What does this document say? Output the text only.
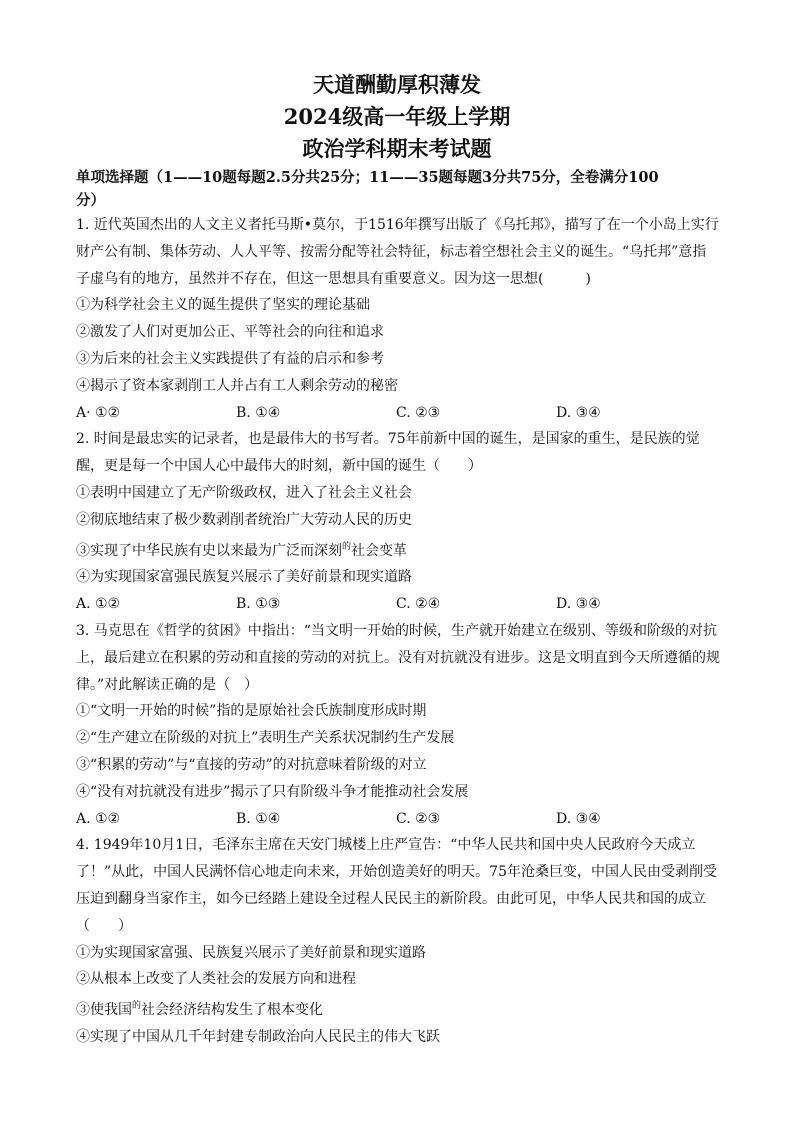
天道酬勤厚积薄发
2024级高一年级上学期
政治学科期末考试题
单项选择题（1——10题每题2.5分共25分；11——35题每题3分共75分，全卷满分100
分）

1. 近代英国杰出的人文主义者托马斯•莫尔，于1516年撰写出版了《乌托邦》，描写了在一个小岛上实行

财产公有制、集体劳动、人人平等、按需分配等社会特征，标志着空想社会主义的诞生。“乌托邦”意指

子虚乌有的地方，虽然并不存在，但这一思想具有重要意义。因为这一思想(　　　)

①为科学社会主义的诞生提供了坚实的理论基础

②激发了人们对更加公正、平等社会的向往和追求

③为后来的社会主义实践提供了有益的启示和参考

④揭示了资本家剥削工人并占有工人剩余劳动的秘密

A· ①②	B. ①④	C. ②③	D. ③④

2. 时间是最忠实的记录者，也是最伟大的书写者。75年前新中国的诞生，是国家的重生，是民族的觉

醒，更是每一个中国人心中最伟大的时刻，新中国的诞生（　　）

①表明中国建立了无产阶级政权，进入了社会主义社会

②彻底地结束了极少数剥削者统治广大劳动人民的历史

③实现了中华民族有史以来最为广泛而深刻$^的$社会变革

④为实现国家富强民族复兴展示了美好前景和现实道路

A. ①②	B. ①③	C. ②④	D. ③④

3. 马克思在《哲学的贫困》中指出：“当文明一开始的时候，生产就开始建立在级别、等级和阶级的对抗

上，最后建立在积累的劳动和直接的劳动的对抗上。没有对抗就没有进步。这是文明直到今天所遵循的规

律。”对此解读正确的是（　）

①“文明一开始的时候”指的是原始社会氏族制度形成时期

②“生产建立在阶级的对抗上”表明生产关系状况制约生产发展

③“积累的劳动”与“直接的劳动”的对抗意味着阶级的对立

④“没有对抗就没有进步”揭示了只有阶级斗争才能推动社会发展

A. ①②	B. ①④	C. ②③	D. ③④

4. 1949年10月1日，毛泽东主席在天安门城楼上庄严宣告：“中华人民共和国中央人民政府今天成立

了！”从此，中国人民满怀信心地走向未来，开始创造美好的明天。75年沧桑巨变，中国人民由受剥削受

压迫到翻身当家作主，如今已经踏上建设全过程人民民主的新阶段。由此可见，中华人民共和国的成立

（　　）

①为实现国家富强、民族复兴展示了美好前景和现实道路

②从根本上改变了人类社会的发展方向和进程

③使我国$^的$社会经济结构发生了根本变化

④实现了中国从几千年封建专制政治向人民民主的伟大飞跃
